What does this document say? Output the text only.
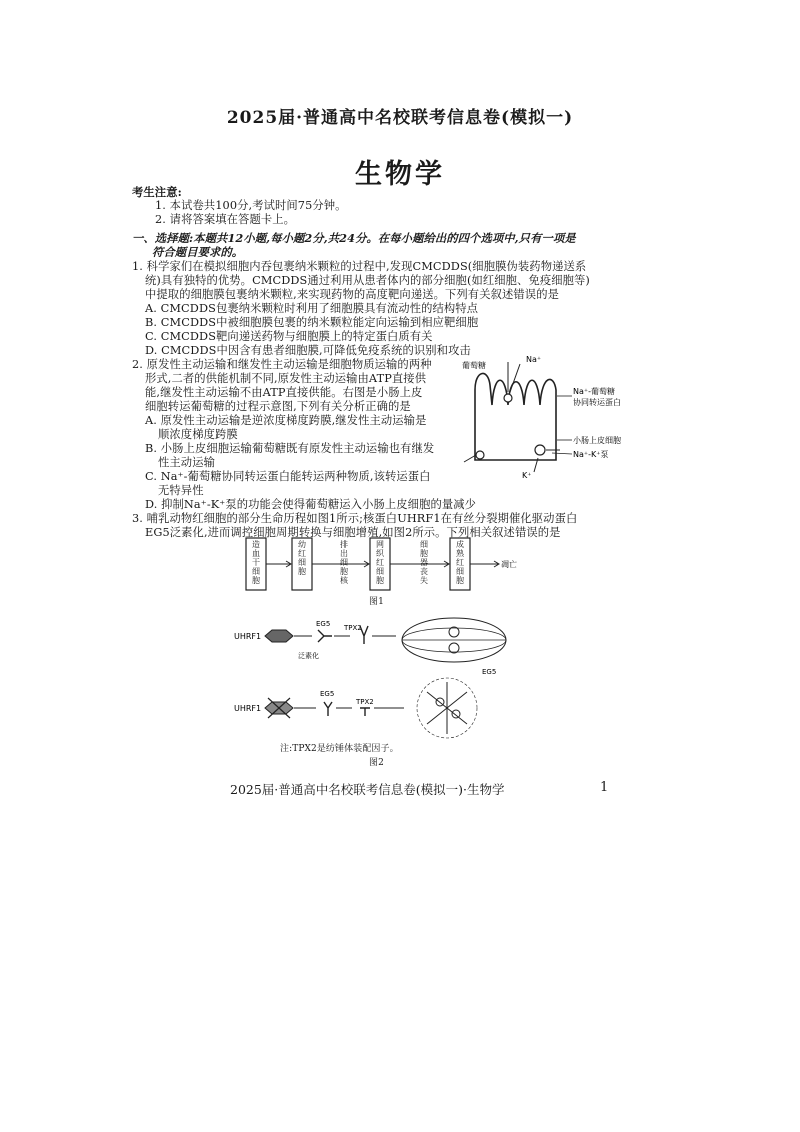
2025届·普通高中名校联考信息卷(模拟一)
生物学
考生注意:
1. 本试卷共100分,考试时间75分钟。
2. 请将答案填在答题卡上。
一、选择题:本题共12小题,每小题2分,共24分。在每小题给出的四个选项中,只有一项是
符合题目要求的。
1. 科学家们在模拟细胞内吞包裹纳米颗粒的过程中,发现CMCDDS(细胞膜伪装药物递送系
统)具有独特的优势。CMCDDS通过利用从患者体内的部分细胞(如红细胞、免疫细胞等)
中提取的细胞膜包裹纳米颗粒,来实现药物的高度靶向递送。下列有关叙述错误的是
A. CMCDDS包裹纳米颗粒时利用了细胞膜具有流动性的结构特点
B. CMCDDS中被细胞膜包裹的纳米颗粒能定向运输到相应靶细胞
C. CMCDDS靶向递送药物与细胞膜上的特定蛋白质有关
D. CMCDDS中因含有患者细胞膜,可降低免疫系统的识别和攻击
2. 原发性主动运输和继发性主动运输是细胞物质运输的两种
形式,二者的供能机制不同,原发性主动运输由ATP直接供
能,继发性主动运输不由ATP直接供能。右图是小肠上皮
细胞转运葡萄糖的过程示意图,下列有关分析正确的是
A. 原发性主动运输是逆浓度梯度跨膜,继发性主动运输是
顺浓度梯度跨膜
B. 小肠上皮细胞运输葡萄糖既有原发性主动运输也有继发
性主动运输
C. Na⁺-葡萄糖协同转运蛋白能转运两种物质,该转运蛋白
无特异性
D. 抑制Na⁺-K⁺泵的功能会使得葡萄糖运入小肠上皮细胞的量减少
葡萄糖
Na⁺
Na⁺-葡萄糖
协同转运蛋白
小肠上皮细胞
Na⁺-K⁺泵
K⁺
3. 哺乳动物红细胞的部分生命历程如图1所示;核蛋白UHRF1在有丝分裂期催化驱动蛋白
EG5泛素化,进而调控细胞周期转换与细胞增殖,如图2所示。下列相关叙述错误的是
凋亡
造血干细胞
幼红细胞
排出细胞核
网织红细胞
细胞器丧失
成熟红细胞
图1
UHRF1
EG5
泛素化
TPX2
UHRF1
EG5
TPX2
EG5
注:TPX2是纺锤体装配因子。
图2
2025届·普通高中名校联考信息卷(模拟一)·生物学	1
